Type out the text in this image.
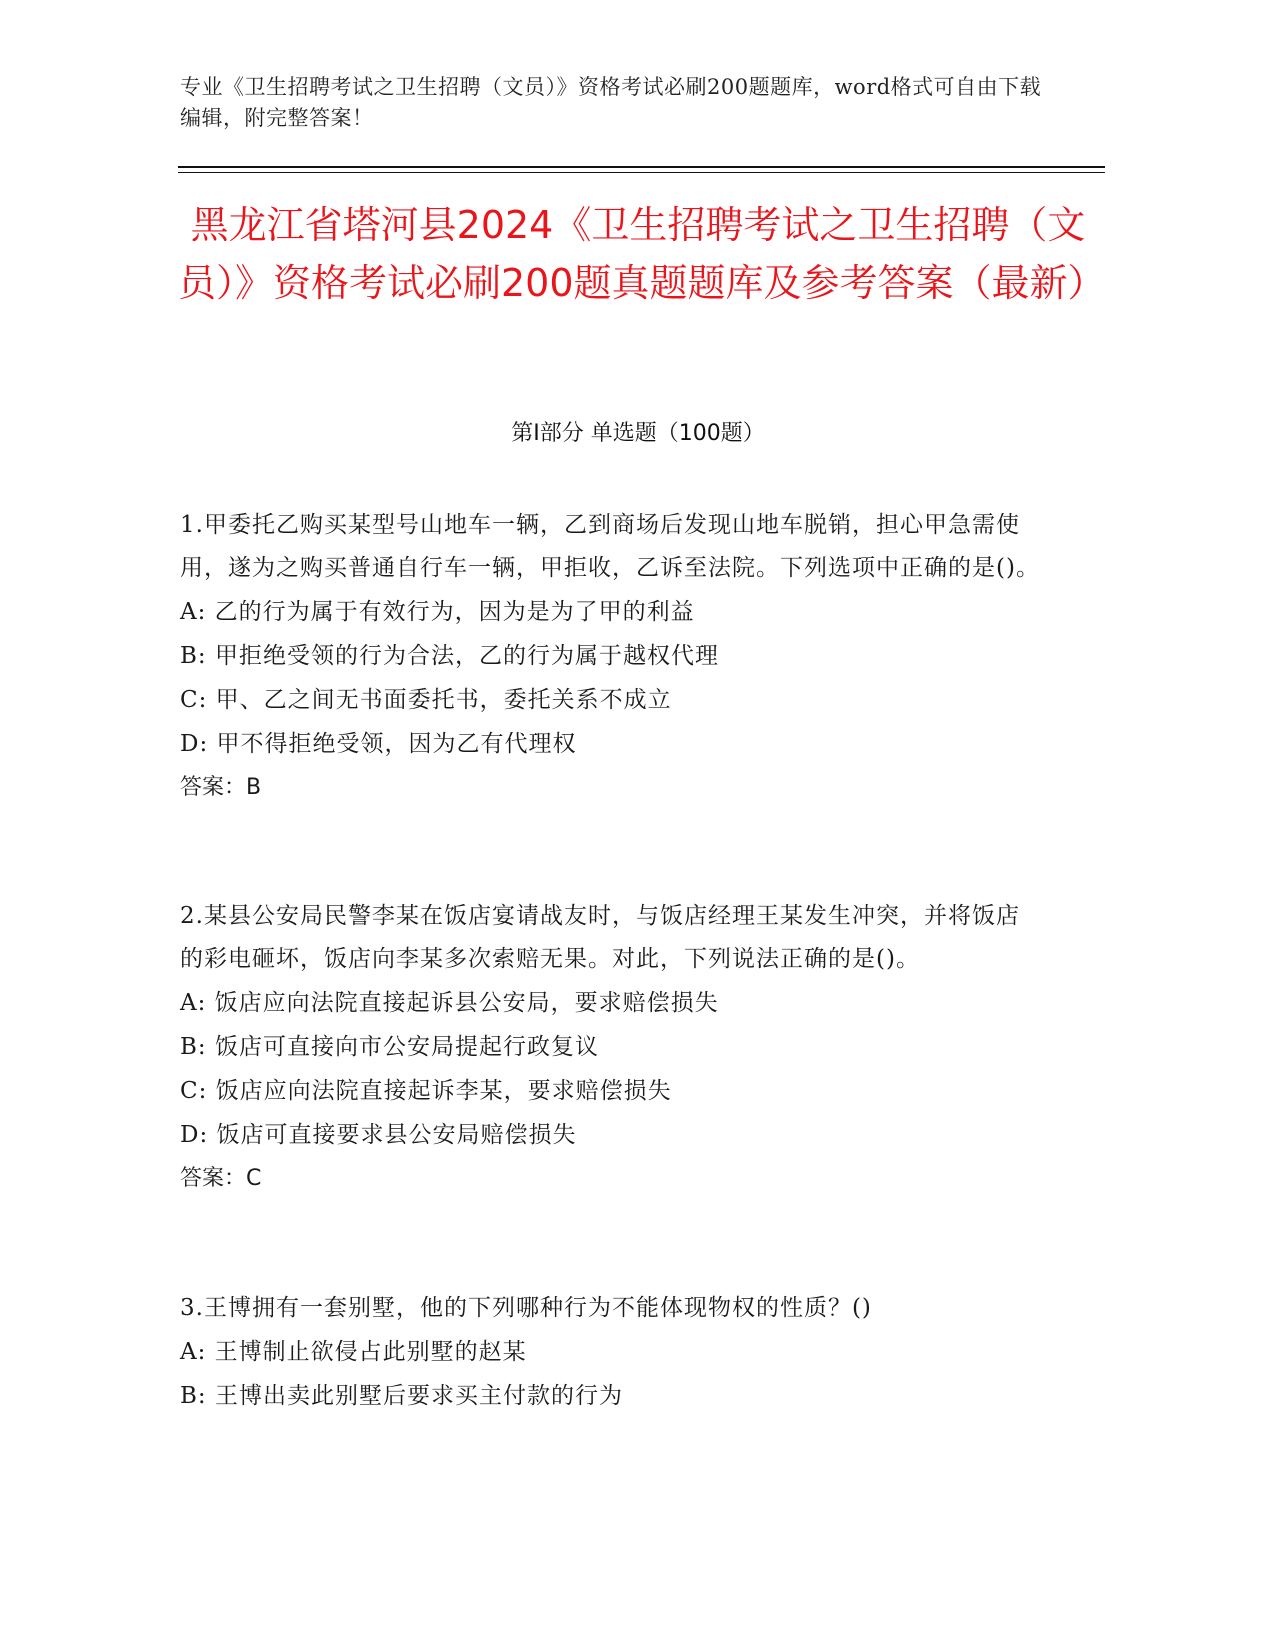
专业《卫生招聘考试之卫生招聘（文员）》资格考试必刷200题题库，word格式可自由下载编辑，附完整答案！
黑龙江省塔河县2024《卫生招聘考试之卫生招聘（文员）》资格考试必刷200题真题题库及参考答案（最新）
第Ⅰ部分 单选题（100题）
1.甲委托乙购买某型号山地车一辆，乙到商场后发现山地车脱销，担心甲急需使用，遂为之购买普通自行车一辆，甲拒收，乙诉至法院。下列选项中正确的是()。
A: 乙的行为属于有效行为，因为是为了甲的利益
B: 甲拒绝受领的行为合法，乙的行为属于越权代理
C: 甲、乙之间无书面委托书，委托关系不成立
D: 甲不得拒绝受领，因为乙有代理权
答案：B
2.某县公安局民警李某在饭店宴请战友时，与饭店经理王某发生冲突，并将饭店的彩电砸坏，饭店向李某多次索赔无果。对此，下列说法正确的是()。
A: 饭店应向法院直接起诉县公安局，要求赔偿损失
B: 饭店可直接向市公安局提起行政复议
C: 饭店应向法院直接起诉李某，要求赔偿损失
D: 饭店可直接要求县公安局赔偿损失
答案：C
3.王博拥有一套别墅，他的下列哪种行为不能体现物权的性质？()
A: 王博制止欲侵占此别墅的赵某
B: 王博出卖此别墅后要求买主付款的行为
